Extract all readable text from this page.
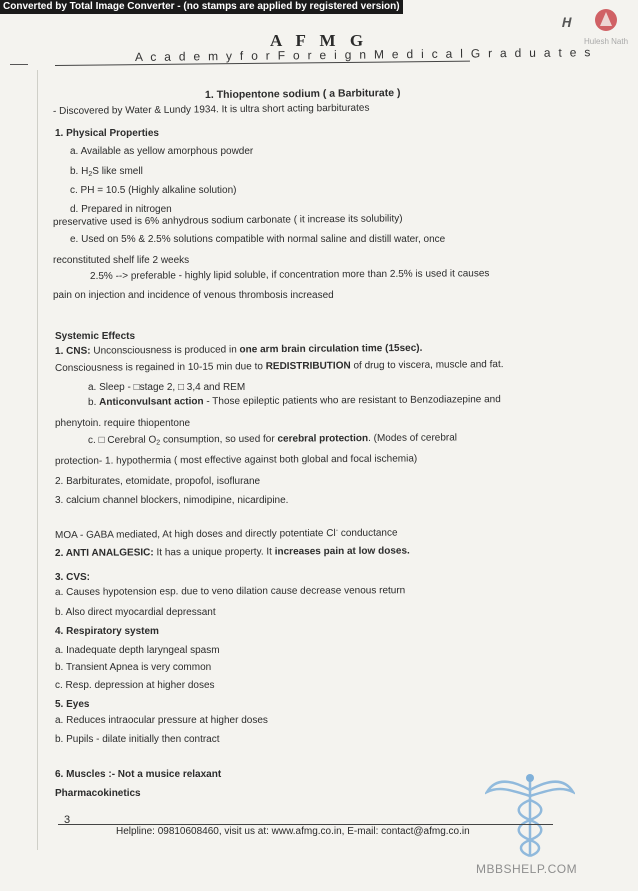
Converted by Total Image Converter - (no stamps are applied by registered version)
𝑯
Hulesh Nath
A F M G
A c a d e m y f o r F o r e i g n M e d i c a l G r a d u a t e s
1. Thiopentone sodium ( a Barbiturate )
- Discovered by Water & Lundy 1934. It is ultra short acting barbiturates
1. Physical Properties
a. Available as yellow amorphous powder
b. $H_2S$ like smell
c. PH = 10.5 (Highly alkaline solution)
d. Prepared in nitrogen
preservative used is 6% anhydrous sodium carbonate ( it increase its solubility)
e. Used on 5% & 2.5% solutions compatible with normal saline and distill water, once
reconstituted shelf life 2 weeks
2.5% --> preferable - highly lipid soluble, if concentration more than 2.5% is used it causes
pain on injection and incidence of venous thrombosis increased
Systemic Effects
1. CNS: Unconsciousness is produced in one arm brain circulation time (15sec).
Consciousness is regained in 10-15 min due to REDISTRIBUTION of drug to viscera, muscle and fat.
a. Sleep - □stage 2, □ 3,4 and REM
b. Anticonvulsant action - Those epileptic patients who are resistant to Benzodiazepine and
phenytoin. require thiopentone
c. □ Cerebral $O_2$ consumption, so used for cerebral protection. (Modes of cerebral
protection- 1. hypothermia ( most effective against both global and focal ischemia)
2. Barbiturates, etomidate, propofol, isoflurane
3. calcium channel blockers, nimodipine, nicardipine.
MOA - GABA mediated, At high doses and directly potentiate Cl- conductance
2. ANTI ANALGESIC: It has a unique property. It increases pain at low doses.
3. CVS:
a. Causes hypotension esp. due to veno dilation cause decrease venous return
b. Also direct myocardial depressant
4. Respiratory system
a. Inadequate depth laryngeal spasm
b. Transient Apnea is very common
c. Resp. depression at higher doses
5. Eyes
a. Reduces intraocular pressure at higher doses
b. Pupils - dilate initially then contract
6. Muscles :- Not a musice relaxant
Pharmacokinetics
3
Helpline: 09810608460, visit us at: www.afmg.co.in, E-mail: contact@afmg.co.in
MBBSHELP.COM
